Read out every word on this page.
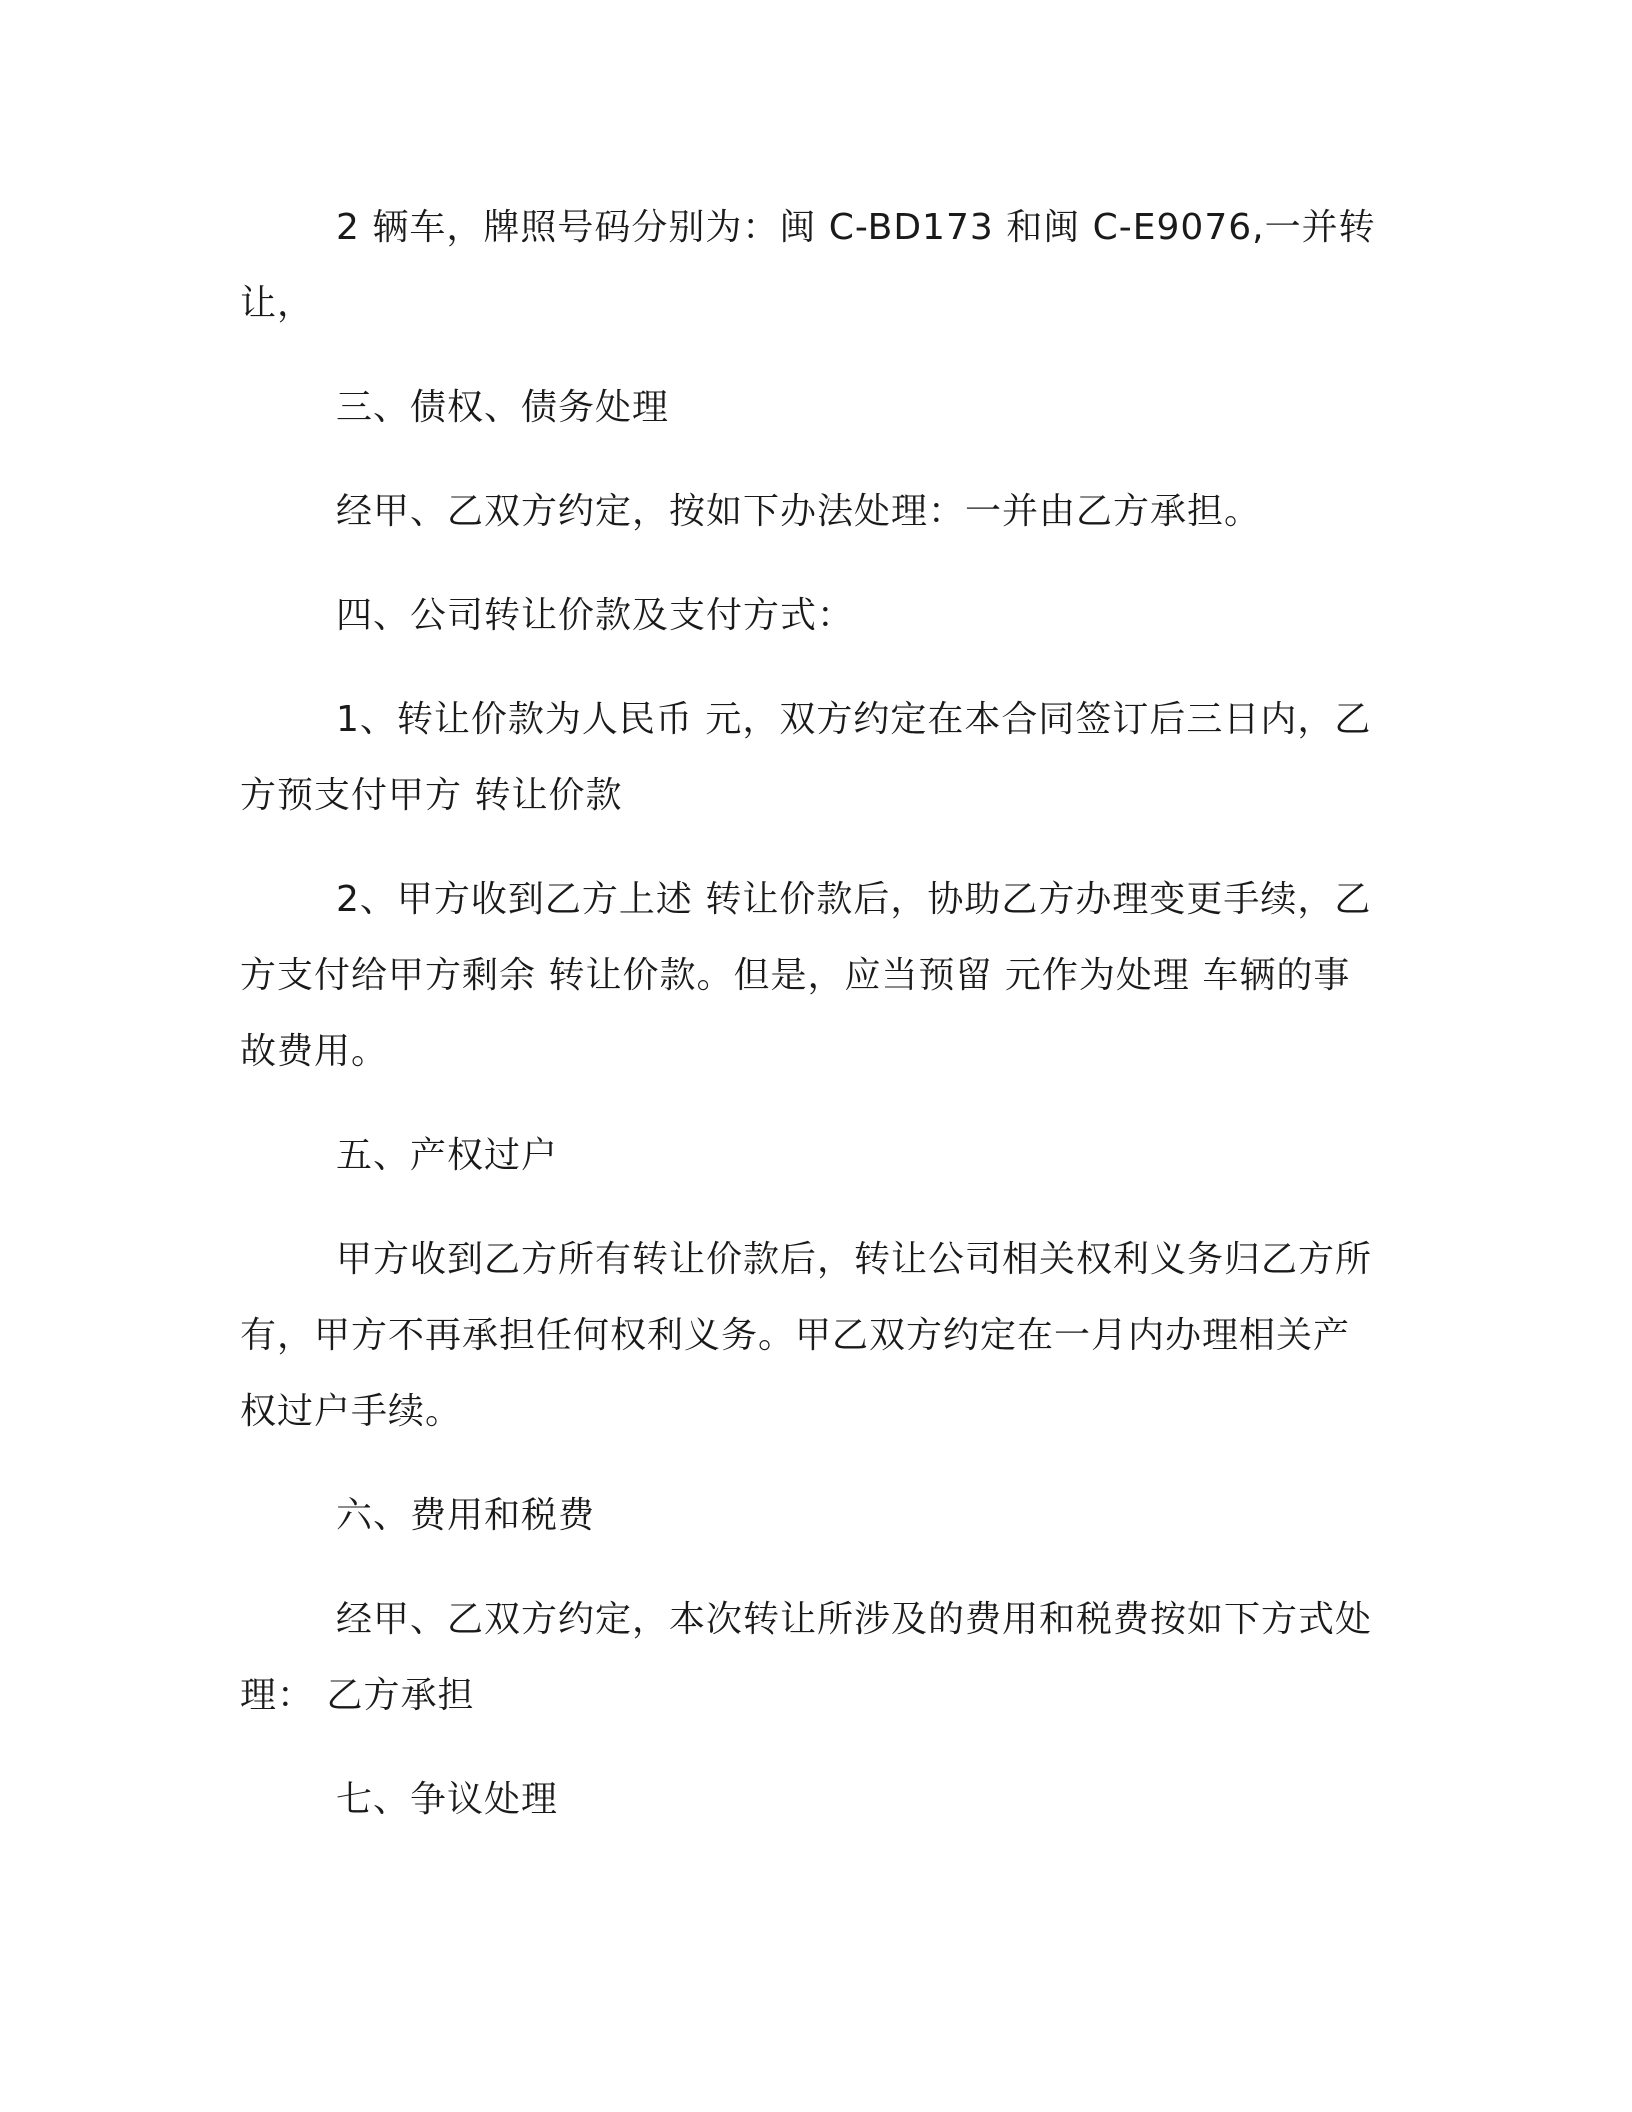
2 辆车，牌照号码分别为：闽 C-BD173 和闽 C-E9076,一并转让，

三、债权、债务处理

经甲、乙双方约定，按如下办法处理：一并由乙方承担。

四、公司转让价款及支付方式：

1、转让价款为人民币 元，双方约定在本合同签订后三日内，乙方预支付甲方 转让价款

2、甲方收到乙方上述 转让价款后，协助乙方办理变更手续，乙方支付给甲方剩余 转让价款。但是，应当预留 元作为处理 车辆的事故费用。

五、产权过户

甲方收到乙方所有转让价款后，转让公司相关权利义务归乙方所有，甲方不再承担任何权利义务。甲乙双方约定在一月内办理相关产权过户手续。

六、费用和税费

经甲、乙双方约定，本次转让所涉及的费用和税费按如下方式处理： 乙方承担

七、争议处理
